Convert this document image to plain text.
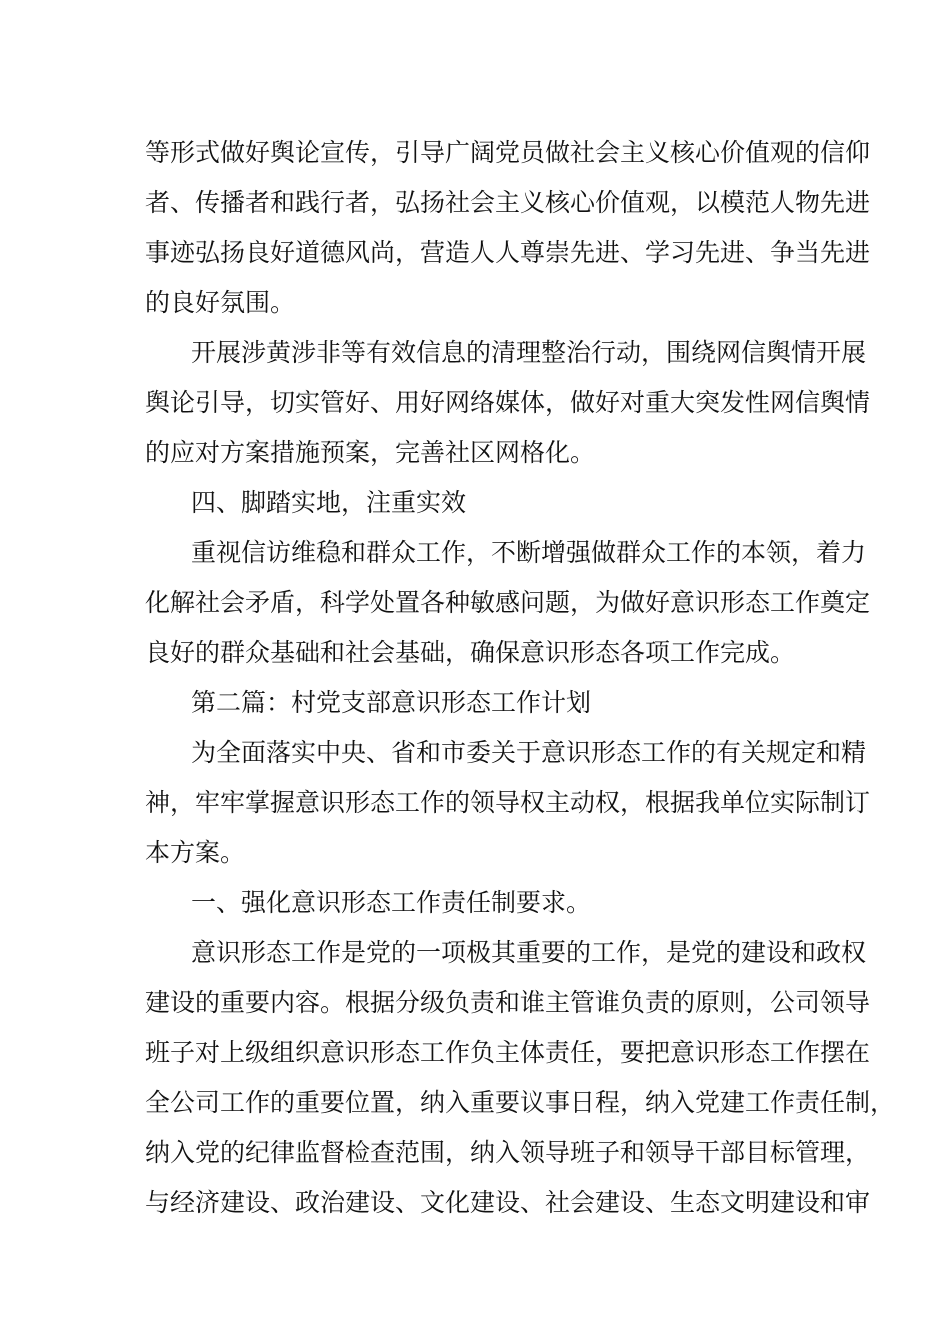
等形式做好舆论宣传，引导广阔党员做社会主义核心价值观的信仰
者、传播者和践行者，弘扬社会主义核心价值观，以模范人物先进
事迹弘扬良好道德风尚，营造人人尊崇先进、学习先进、争当先进
的良好氛围。
开展涉黄涉非等有效信息的清理整治行动，围绕网信舆情开展
舆论引导，切实管好、用好网络媒体，做好对重大突发性网信舆情
的应对方案措施预案，完善社区网格化。
四、脚踏实地，注重实效
重视信访维稳和群众工作，不断增强做群众工作的本领，着力
化解社会矛盾，科学处置各种敏感问题，为做好意识形态工作奠定
良好的群众基础和社会基础，确保意识形态各项工作完成。
第二篇：村党支部意识形态工作计划
为全面落实中央、省和市委关于意识形态工作的有关规定和精
神，牢牢掌握意识形态工作的领导权主动权，根据我单位实际制订
本方案。
一、强化意识形态工作责任制要求。
意识形态工作是党的一项极其重要的工作，是党的建设和政权
建设的重要内容。根据分级负责和谁主管谁负责的原则，公司领导
班子对上级组织意识形态工作负主体责任，要把意识形态工作摆在
全公司工作的重要位置，纳入重要议事日程，纳入党建工作责任制，
纳入党的纪律监督检查范围，纳入领导班子和领导干部目标管理，
与经济建设、政治建设、文化建设、社会建设、生态文明建设和审
